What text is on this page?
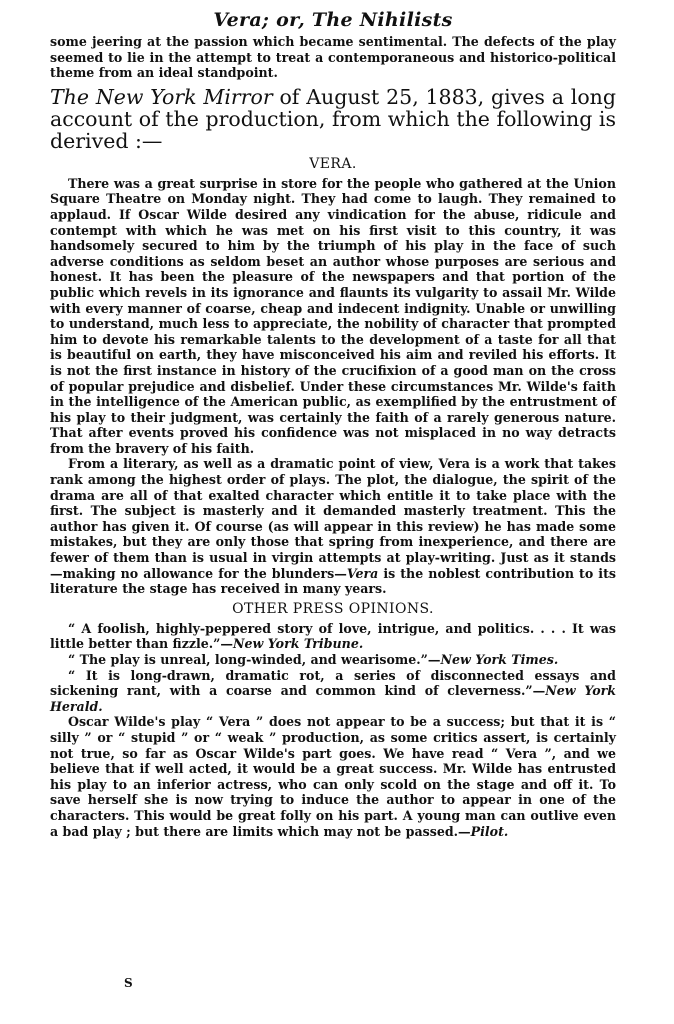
Vera; or, The Nihilists

some jeering at the passion which became sentimental. The defects of the play seemed to lie in the attempt to treat a contemporaneous and historico-political theme from an ideal standpoint.

The New York Mirror of August 25, 1883, gives a long account of the production, from which the following is derived :—

VERA.

There was a great surprise in store for the people who gathered at the Union Square Theatre on Monday night. They had come to laugh. They remained to applaud. If Oscar Wilde desired any vindication for the abuse, ridicule and contempt with which he was met on his first visit to this country, it was handsomely secured to him by the triumph of his play in the face of such adverse conditions as seldom beset an author whose purposes are serious and honest. It has been the pleasure of the newspapers and that portion of the public which revels in its ignorance and flaunts its vulgarity to assail Mr. Wilde with every manner of coarse, cheap and indecent indignity. Unable or unwilling to understand, much less to appreciate, the nobility of character that prompted him to devote his remarkable talents to the development of a taste for all that is beautiful on earth, they have misconceived his aim and reviled his efforts. It is not the first instance in history of the crucifixion of a good man on the cross of popular prejudice and disbelief. Under these circumstances Mr. Wilde's faith in the intelligence of the American public, as exemplified by the entrustment of his play to their judgment, was certainly the faith of a rarely generous nature. That after events proved his confidence was not misplaced in no way detracts from the bravery of his faith.

From a literary, as well as a dramatic point of view, Vera is a work that takes rank among the highest order of plays. The plot, the dialogue, the spirit of the drama are all of that exalted character which entitle it to take place with the first. The subject is masterly and it demanded masterly treatment. This the author has given it. Of course (as will appear in this review) he has made some mistakes, but they are only those that spring from inexperience, and there are fewer of them than is usual in virgin attempts at play-writing. Just as it stands—making no allowance for the blunders—Vera is the noblest contribution to its literature the stage has received in many years.

OTHER PRESS OPINIONS.

“ A foolish, highly-peppered story of love, intrigue, and politics. . . . It was little better than fizzle.”—New York Tribune.

“ The play is unreal, long-winded, and wearisome.”—New York Times.

“ It is long-drawn, dramatic rot, a series of disconnected essays and sickening rant, with a coarse and common kind of cleverness.”—New York Herald.

Oscar Wilde's play “ Vera ” does not appear to be a success; but that it is “ silly ” or “ stupid ” or “ weak ” production, as some critics assert, is certainly not true, so far as Oscar Wilde's part goes. We have read “ Vera ”, and we believe that if well acted, it would be a great success. Mr. Wilde has entrusted his play to an inferior actress, who can only scold on the stage and off it. To save herself she is now trying to induce the author to appear in one of the characters. This would be great folly on his part. A young man can outlive even a bad play ; but there are limits which may not be passed.—Pilot.

S
